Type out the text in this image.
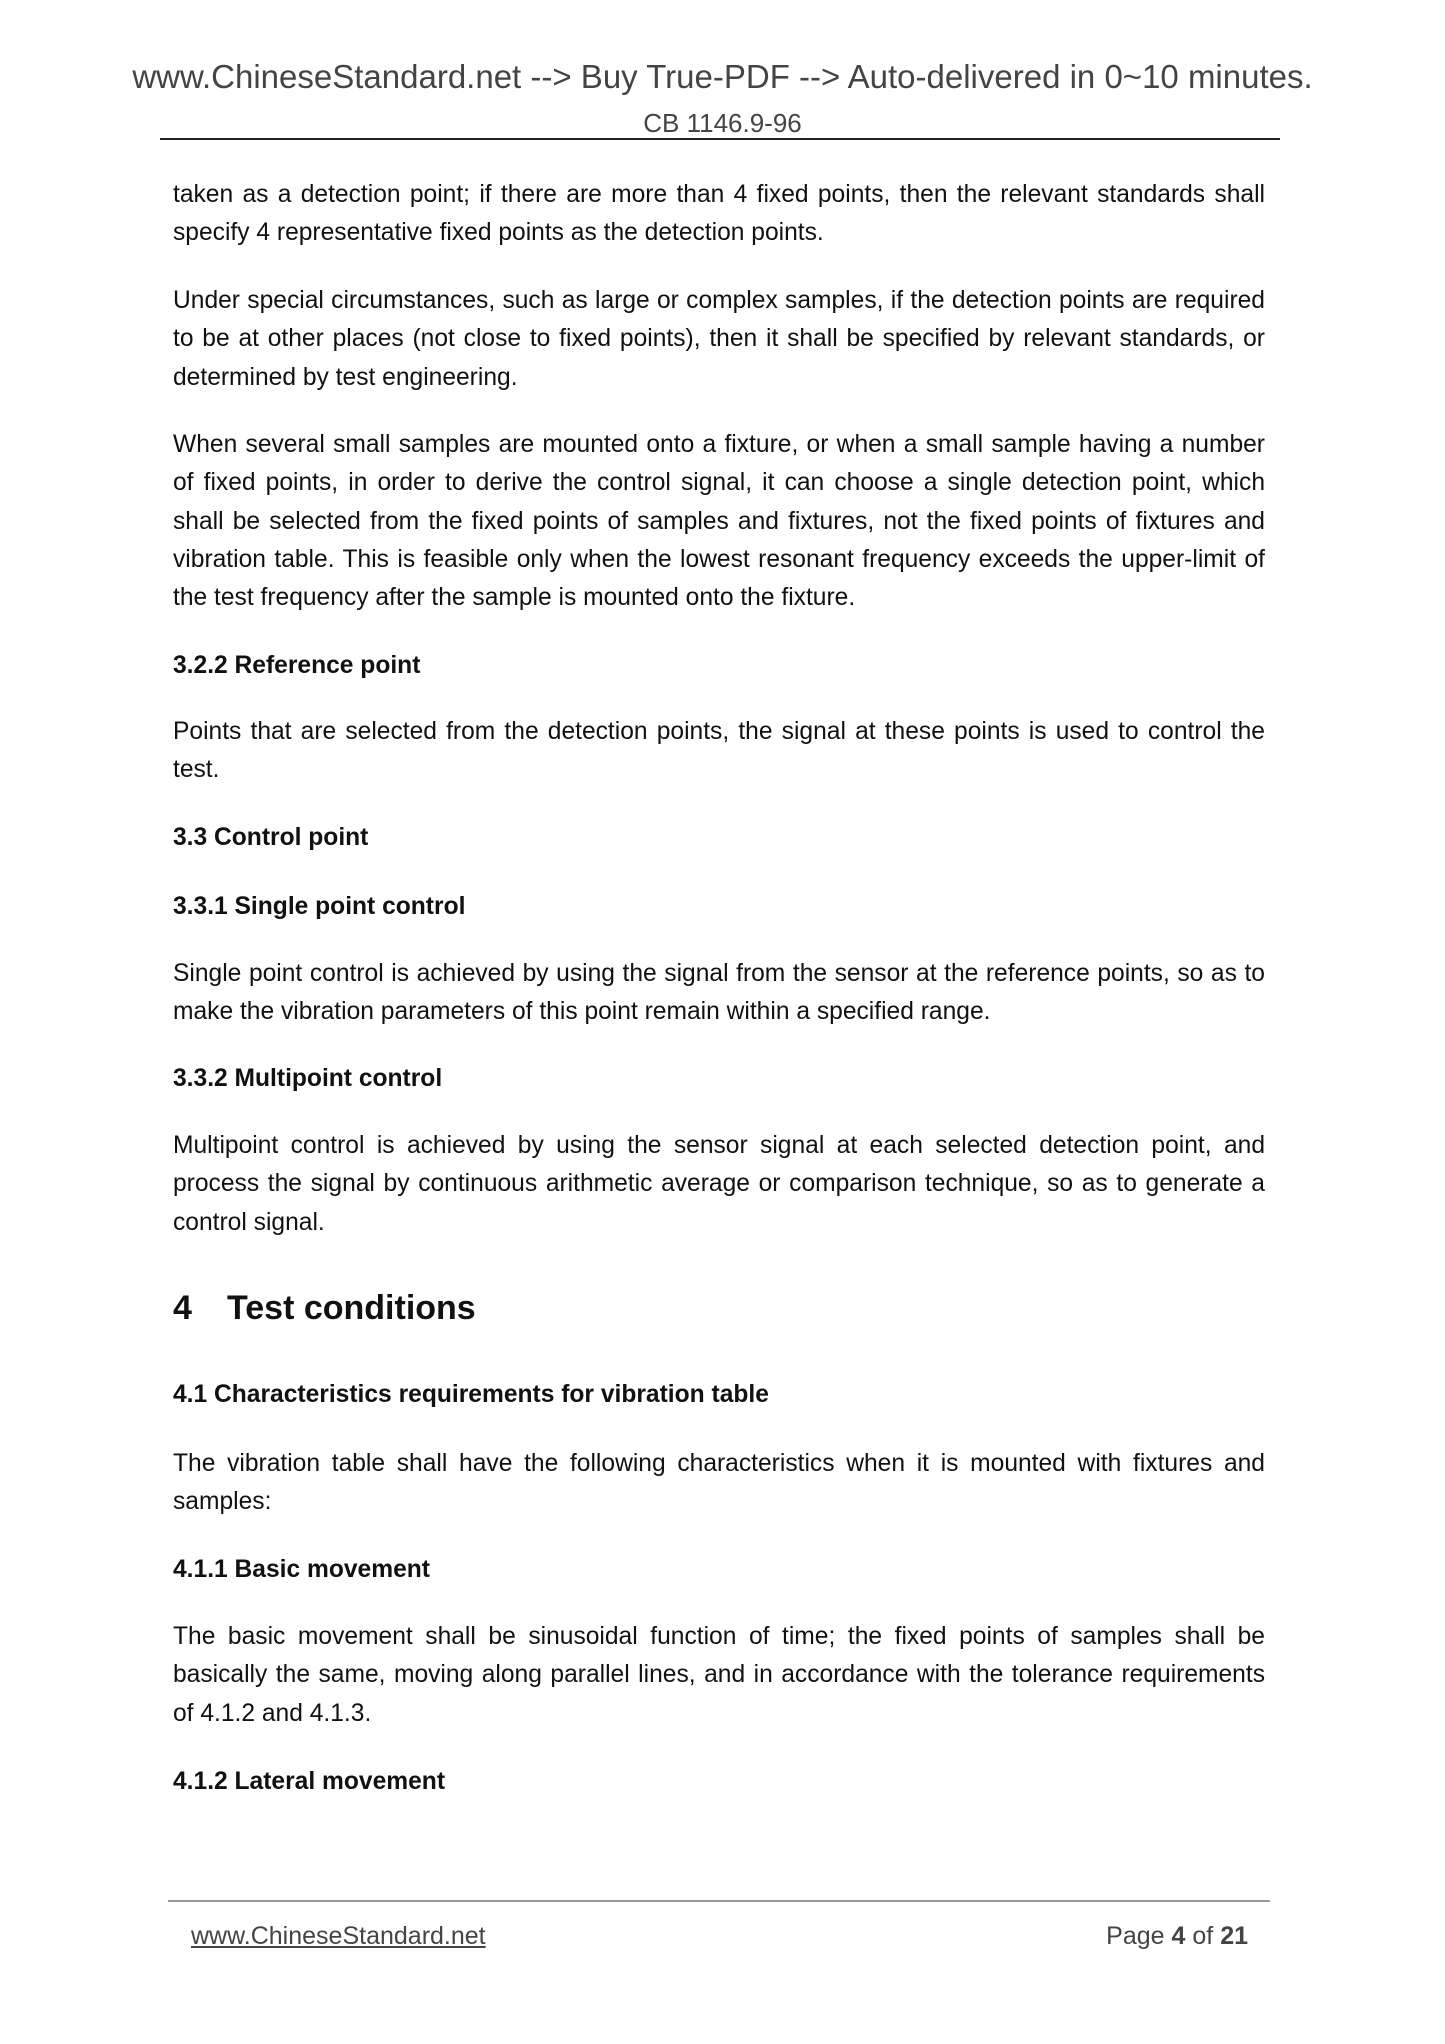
www.ChineseStandard.net --> Buy True-PDF --> Auto-delivered in 0~10 minutes.
CB 1146.9-96
taken as a detection point; if there are more than 4 fixed points, then the relevant standards shall specify 4 representative fixed points as the detection points.
Under special circumstances, such as large or complex samples, if the detection points are required to be at other places (not close to fixed points), then it shall be specified by relevant standards, or determined by test engineering.
When several small samples are mounted onto a fixture, or when a small sample having a number of fixed points, in order to derive the control signal, it can choose a single detection point, which shall be selected from the fixed points of samples and fixtures, not the fixed points of fixtures and vibration table. This is feasible only when the lowest resonant frequency exceeds the upper-limit of the test frequency after the sample is mounted onto the fixture.
3.2.2 Reference point
Points that are selected from the detection points, the signal at these points is used to control the test.
3.3 Control point
3.3.1 Single point control
Single point control is achieved by using the signal from the sensor at the reference points, so as to make the vibration parameters of this point remain within a specified range.
3.3.2 Multipoint control
Multipoint control is achieved by using the sensor signal at each selected detection point, and process the signal by continuous arithmetic average or comparison technique, so as to generate a control signal.
4 Test conditions
4.1 Characteristics requirements for vibration table
The vibration table shall have the following characteristics when it is mounted with fixtures and samples:
4.1.1 Basic movement
The basic movement shall be sinusoidal function of time; the fixed points of samples shall be basically the same, moving along parallel lines, and in accordance with the tolerance requirements of 4.1.2 and 4.1.3.
4.1.2 Lateral movement
www.ChineseStandard.net	Page 4 of 21
